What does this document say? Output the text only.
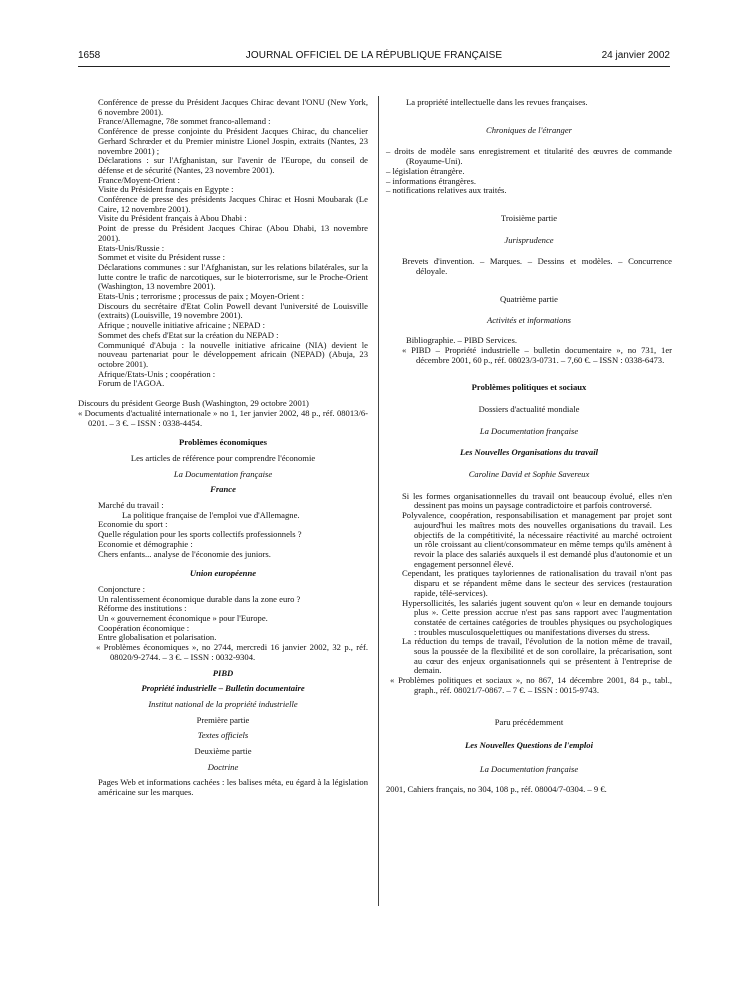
1658	JOURNAL OFFICIEL DE LA RÉPUBLIQUE FRANÇAISE	24 janvier 2002

Conférence de presse du Président Jacques Chirac devant l'ONU (New York, 6 novembre 2001).

France/Allemagne, 78e sommet franco-allemand :

Conférence de presse conjointe du Président Jacques Chirac, du chancelier Gerhard Schrœder et du Premier ministre Lionel Jospin, extraits (Nantes, 23 novembre 2001) ;

Déclarations : sur l'Afghanistan, sur l'avenir de l'Europe, du conseil de défense et de sécurité (Nantes, 23 novembre 2001).

France/Moyent-Orient :

Visite du Président français en Egypte :

Conférence de presse des présidents Jacques Chirac et Hosni Moubarak (Le Caire, 12 novembre 2001).

Visite du Président français à Abou Dhabi :

Point de presse du Président Jacques Chirac (Abou Dhabi, 13 novembre 2001).

Etats-Unis/Russie :

Sommet et visite du Président russe :

Déclarations communes : sur l'Afghanistan, sur les relations bilatérales, sur la lutte contre le trafic de narcotiques, sur le bioterrorisme, sur le Proche-Orient (Washington, 13 novembre 2001).

Etats-Unis ; terrorisme ; processus de paix ; Moyen-Orient :

Discours du secrétaire d'Etat Colin Powell devant l'université de Louisville (extraits) (Louisville, 19 novembre 2001).

Afrique ; nouvelle initiative africaine ; NEPAD :

Sommet des chefs d'Etat sur la création du NEPAD :

Communiqué d'Abuja : la nouvelle initiative africaine (NIA) devient le nouveau partenariat pour le développement africain (NEPAD) (Abuja, 23 octobre 2001).

Afrique/Etats-Unis ; coopération :

Forum de l'AGOA.

Discours du président George Bush (Washington, 29 octobre 2001)

« Documents d'actualité internationale » no 1, 1er janvier 2002, 48 p., réf. 08013/6-0201. – 3 €. – ISSN : 0338-4454.

Problèmes économiques

Les articles de référence pour comprendre l'économie

La Documentation française

France

Marché du travail :

La politique française de l'emploi vue d'Allemagne.

Economie du sport :

Quelle régulation pour les sports collectifs professionnels ?

Economie et démographie :

Chers enfants... analyse de l'économie des juniors.

Union européenne

Conjoncture :

Un ralentissement économique durable dans la zone euro ?

Réforme des institutions :

Un « gouvernement économique » pour l'Europe.

Coopération économique :

Entre globalisation et polarisation.

« Problèmes économiques », no 2744, mercredi 16 janvier 2002, 32 p., réf. 08020/9-2744. – 3 €. – ISSN : 0032-9304.

PIBD

Propriété industrielle – Bulletin documentaire

Institut national de la propriété industrielle

Première partie

Textes officiels

Deuxième partie

Doctrine

Pages Web et informations cachées : les balises méta, eu égard à la législation américaine sur les marques.

La propriété intellectuelle dans les revues françaises.

Chroniques de l'étranger

– droits de modèle sans enregistrement et titularité des œuvres de commande (Royaume-Uni).

– législation étrangère.

– informations étrangères.

– notifications relatives aux traités.

Troisième partie

Jurisprudence

Brevets d'invention. – Marques. – Dessins et modèles. – Concurrence déloyale.

Quatrième partie

Activités et informations

Bibliographie. – PIBD Services.

« PIBD – Propriété industrielle – bulletin documentaire », no 731, 1er décembre 2001, 60 p., réf. 08023/3-0731. – 7,60 €. – ISSN : 0338-6473.

Problèmes politiques et sociaux

Dossiers d'actualité mondiale

La Documentation française

Les Nouvelles Organisations du travail

Caroline David et Sophie Savereux

Si les formes organisationnelles du travail ont beaucoup évolué, elles n'en dessinent pas moins un paysage contradictoire et parfois controversé.

Polyvalence, coopération, responsabilisation et management par projet sont aujourd'hui les maîtres mots des nouvelles organisations du travail. Les objectifs de la compétitivité, la nécessaire réactivité au marché octroient un rôle croissant au client/consommateur en même temps qu'ils amènent à revoir la place des salariés auxquels il est demandé plus d'autonomie et un engagement personnel élevé.

Cependant, les pratiques tayloriennes de rationalisation du travail n'ont pas disparu et se répandent même dans le secteur des services (restauration rapide, télé-services).

Hypersollicités, les salariés jugent souvent qu'on « leur en demande toujours plus ». Cette pression accrue n'est pas sans rapport avec l'augmentation constatée de certaines catégories de troubles physiques ou psychologiques : troubles musculosquelettiques ou manifestations diverses du stress.

La réduction du temps de travail, l'évolution de la notion même de travail, sous la poussée de la flexibilité et de son corollaire, la précarisation, sont au cœur des enjeux organisationnels qui se présentent à l'entreprise de demain.

« Problèmes politiques et sociaux », no 867, 14 décembre 2001, 84 p., tabl., graph., réf. 08021/7-0867. – 7 €. – ISSN : 0015-9743.

Paru précédemment

Les Nouvelles Questions de l'emploi

La Documentation française

2001, Cahiers français, no 304, 108 p., réf. 08004/7-0304. – 9 €.
